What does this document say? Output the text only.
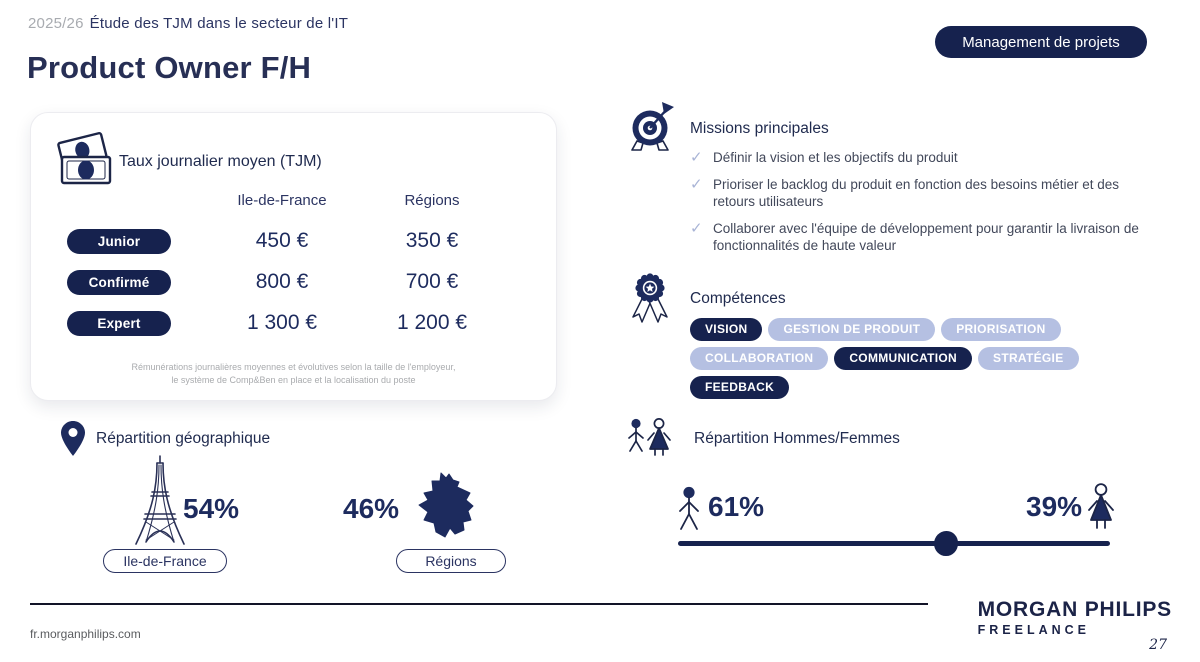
2025/26 Étude des TJM dans le secteur de l'IT
Management de projets
Product Owner F/H
Taux journalier moyen (TJM)
Ile-de-France	Régions
Junior	450 €	350 €
Confirmé	800 €	700 €
Expert	1 300 €	1 200 €
Rémunérations journalières moyennes et évolutives selon la taille de l'employeur,
le système de Comp&Ben en place et la localisation du poste
Missions principales
✓ Définir la vision et les objectifs du produit
✓ Prioriser le backlog du produit en fonction des besoins métier et des retours utilisateurs
✓ Collaborer avec l'équipe de développement pour garantir la livraison de fonctionnalités de haute valeur
Compétences
VISION	GESTION DE PRODUIT	PRIORISATION
COLLABORATION	COMMUNICATION	STRATÉGIE
FEEDBACK
Répartition géographique
54%
Ile-de-France
46%
Régions
Répartition Hommes/Femmes
61%	39%
fr.morganphilips.com
MORGAN PHILIPS
FREELANCE
27
